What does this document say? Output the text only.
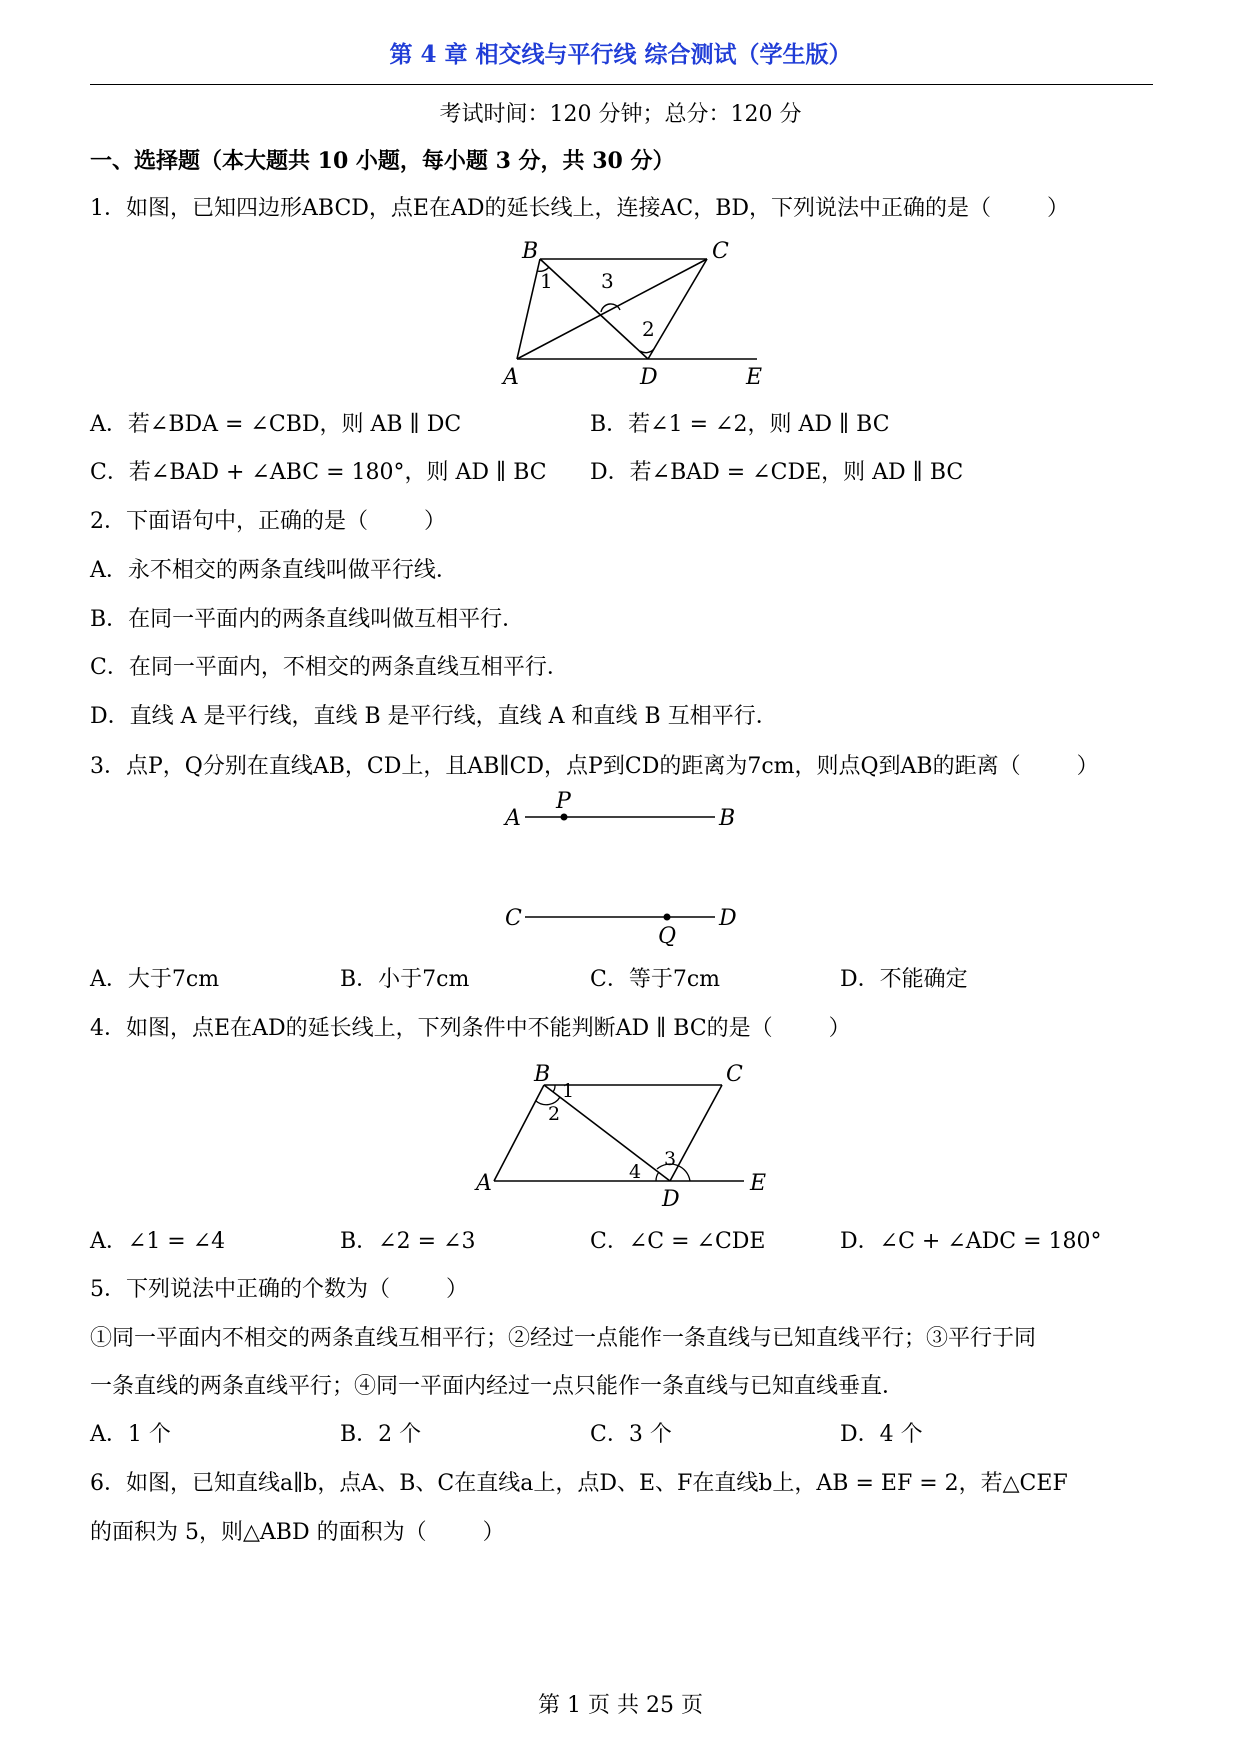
第 4 章 相交线与平行线 综合测试（学生版）
考试时间：120 分钟；总分：120 分
一、选择题（本大题共 10 小题，每小题 3 分，共 30 分）
1．如图，已知四边形ABCD，点E在AD的延长线上，连接AC，BD，下列说法中正确的是（	）
B	C
A	D	E
1 3
2
A．若∠BDA = ∠CBD，则 AB ∥ DC	B．若∠1 = ∠2，则 AD ∥ BC
C．若∠BAD + ∠ABC = 180°，则 AD ∥ BC D．若∠BAD = ∠CDE，则 AD ∥ BC
2．下面语句中，正确的是（	）
A．永不相交的两条直线叫做平行线．
B．在同一平面内的两条直线叫做互相平行．
C．在同一平面内，不相交的两条直线互相平行．
D．直线 A 是平行线，直线 B 是平行线，直线 A 和直线 B 互相平行．
3．点P，Q分别在直线AB，CD上，且AB∥CD，点P到CD的距离为7cm，则点Q到AB的距离（	）
A
P
B
C
Q
D
A．大于7cm	B．小于7cm	C．等于7cm	D．不能确定
4．如图，点E在AD的延长线上，下列条件中不能判断AD ∥ BC的是（	）
B	C
A
D
E
1
2
3
4
A．∠1 = ∠4	B．∠2 = ∠3	C．∠C = ∠CDE	D．∠C + ∠ADC = 180°
5．下列说法中正确的个数为（	）
①同一平面内不相交的两条直线互相平行；②经过一点能作一条直线与已知直线平行；③平行于同
一条直线的两条直线平行；④同一平面内经过一点只能作一条直线与已知直线垂直．
A．1 个	B．2 个	C．3 个	D．4 个
6．如图，已知直线a∥b，点A、B、C在直线a上，点D、E、F在直线b上，AB = EF = 2，若△CEF
的面积为 5，则△ABD 的面积为（	）
第 1 页 共 25 页
